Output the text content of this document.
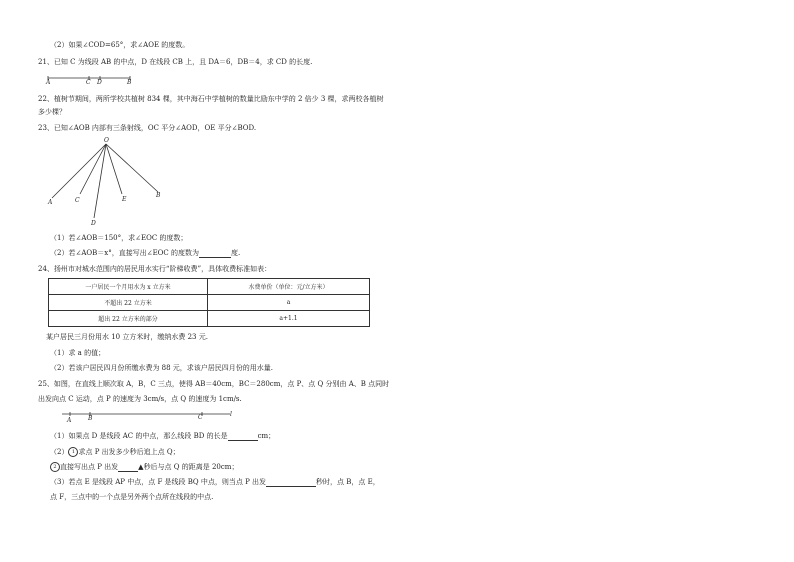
（2）如果∠COD=65°，求∠AOE 的度数。
21、已知 C 为线段 AB 的中点，D 在线段 CB 上，且 DA＝6，DB＝4，求 CD 的长度.
A	C D	B
22、植树节期间，两所学校共植树 834 棵，其中海石中学植树的数量比励东中学的 2 倍少 3 棵，求两校各植树
多少棵？
23、已知∠AOB 内部有三条射线，OC 平分∠AOD，OE 平分∠BOD.
O
A	C
D
E
B
（1）若∠AOB＝150°，求∠EOC 的度数；
（2）若∠AOB＝x°，直接写出∠EOC 的度数为	度.
24、扬州市对城水范围内的居民用水实行“阶梯收费”，具体收费标准如表：
一户居民一个月用水为 x 立方米	水费单价（单位：元/立方米）
不超出 22 立方米	a
超出 22 立方米的部分	a+1.1
某户居民三月份用水 10 立方米时，缴纳水费 23 元.
（1）求 a 的值；
（2）若该户居民四月份所缴水费为 88 元，求该户居民四月份的用水量.
25、如图，在直线上顺次取 A，B，C 三点，使得 AB＝40cm，BC＝280cm，点 P、点 Q 分别由 A、B 点同时
出发向点 C 运动，点 P 的速度为 3cm/s，点 Q 的速度为 1cm/s.
A	B	C	l
（1）如果点 D 是线段 AC 的中点，那么线段 BD 的长是	cm；
（2） 1 求点 P 出发多少秒后追上点 Q；
2 直接写出点 P 出发	▲秒后与点 Q 的距离是 20cm；
（3）若点 E 是线段 AP 中点，点 F 是线段 BQ 中点，则当点 P 出发	秒时，点 B，点 E，
点 F，三点中的一个点是另外两个点所在线段的中点.
